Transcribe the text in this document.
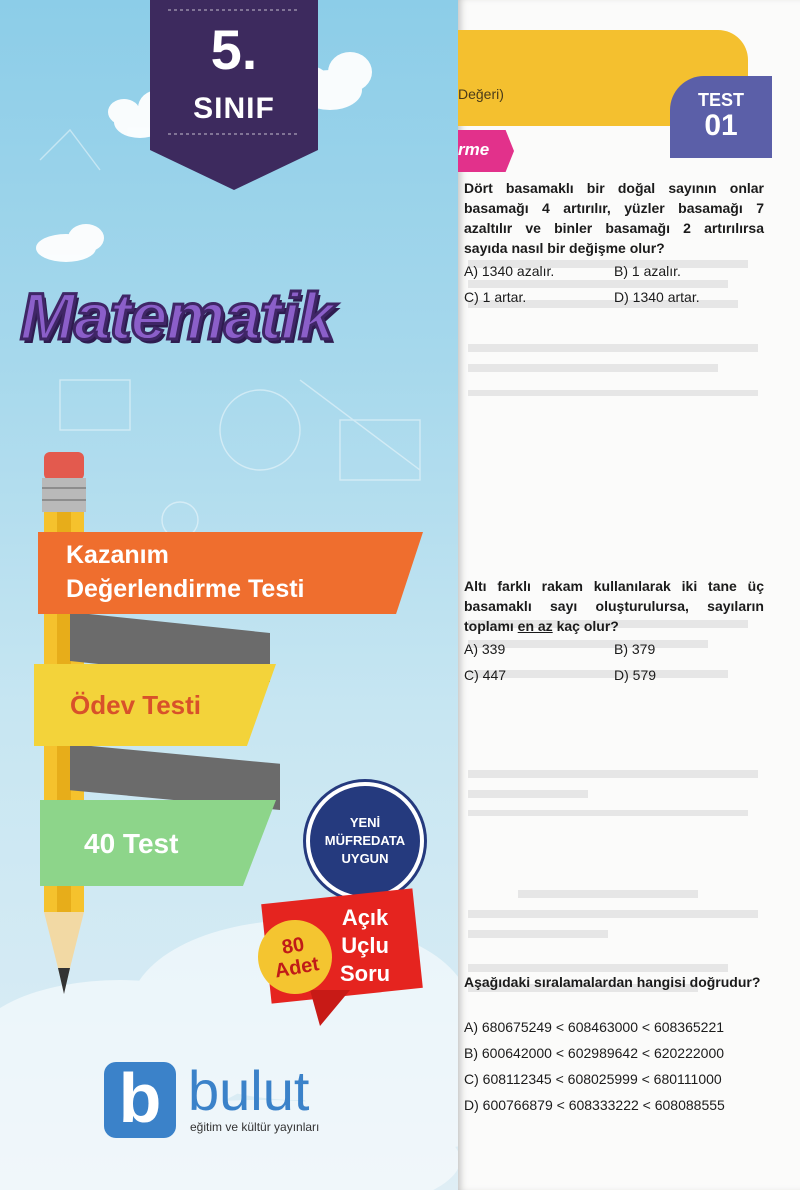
5.
SINIF
Matematik
Kazanım
Değerlendirme Testi
Ödev Testi
40 Test
YENİ
MÜFREDATA
UYGUN
80
Adet
Açık
Uçlu
Soru
b bulut
eğitim ve kültür yayınları
Değeri)
rme
TEST
01
Dört basamaklı bir doğal sayının onlar basamağı 4 artırılır, yüzler basamağı 7 azaltılır ve binler basamağı 2 artırılırsa sayıda nasıl bir değişme olur?
A) 1340 azalır.	B) 1 azalır.
C) 1 artar.	D) 1340 artar.
Altı farklı rakam kullanılarak iki tane üç basamaklı sayı oluşturulursa, sayıların toplamı en az kaç olur?
A) 339	B) 379
C) 447	D) 579
Aşağıdaki sıralamalardan hangisi doğrudur?
A) 680675249 < 608463000 < 608365221
B) 600642000 < 602989642 < 620222000
C) 608112345 < 608025999 < 680111000
D) 600766879 < 608333222 < 608088555
